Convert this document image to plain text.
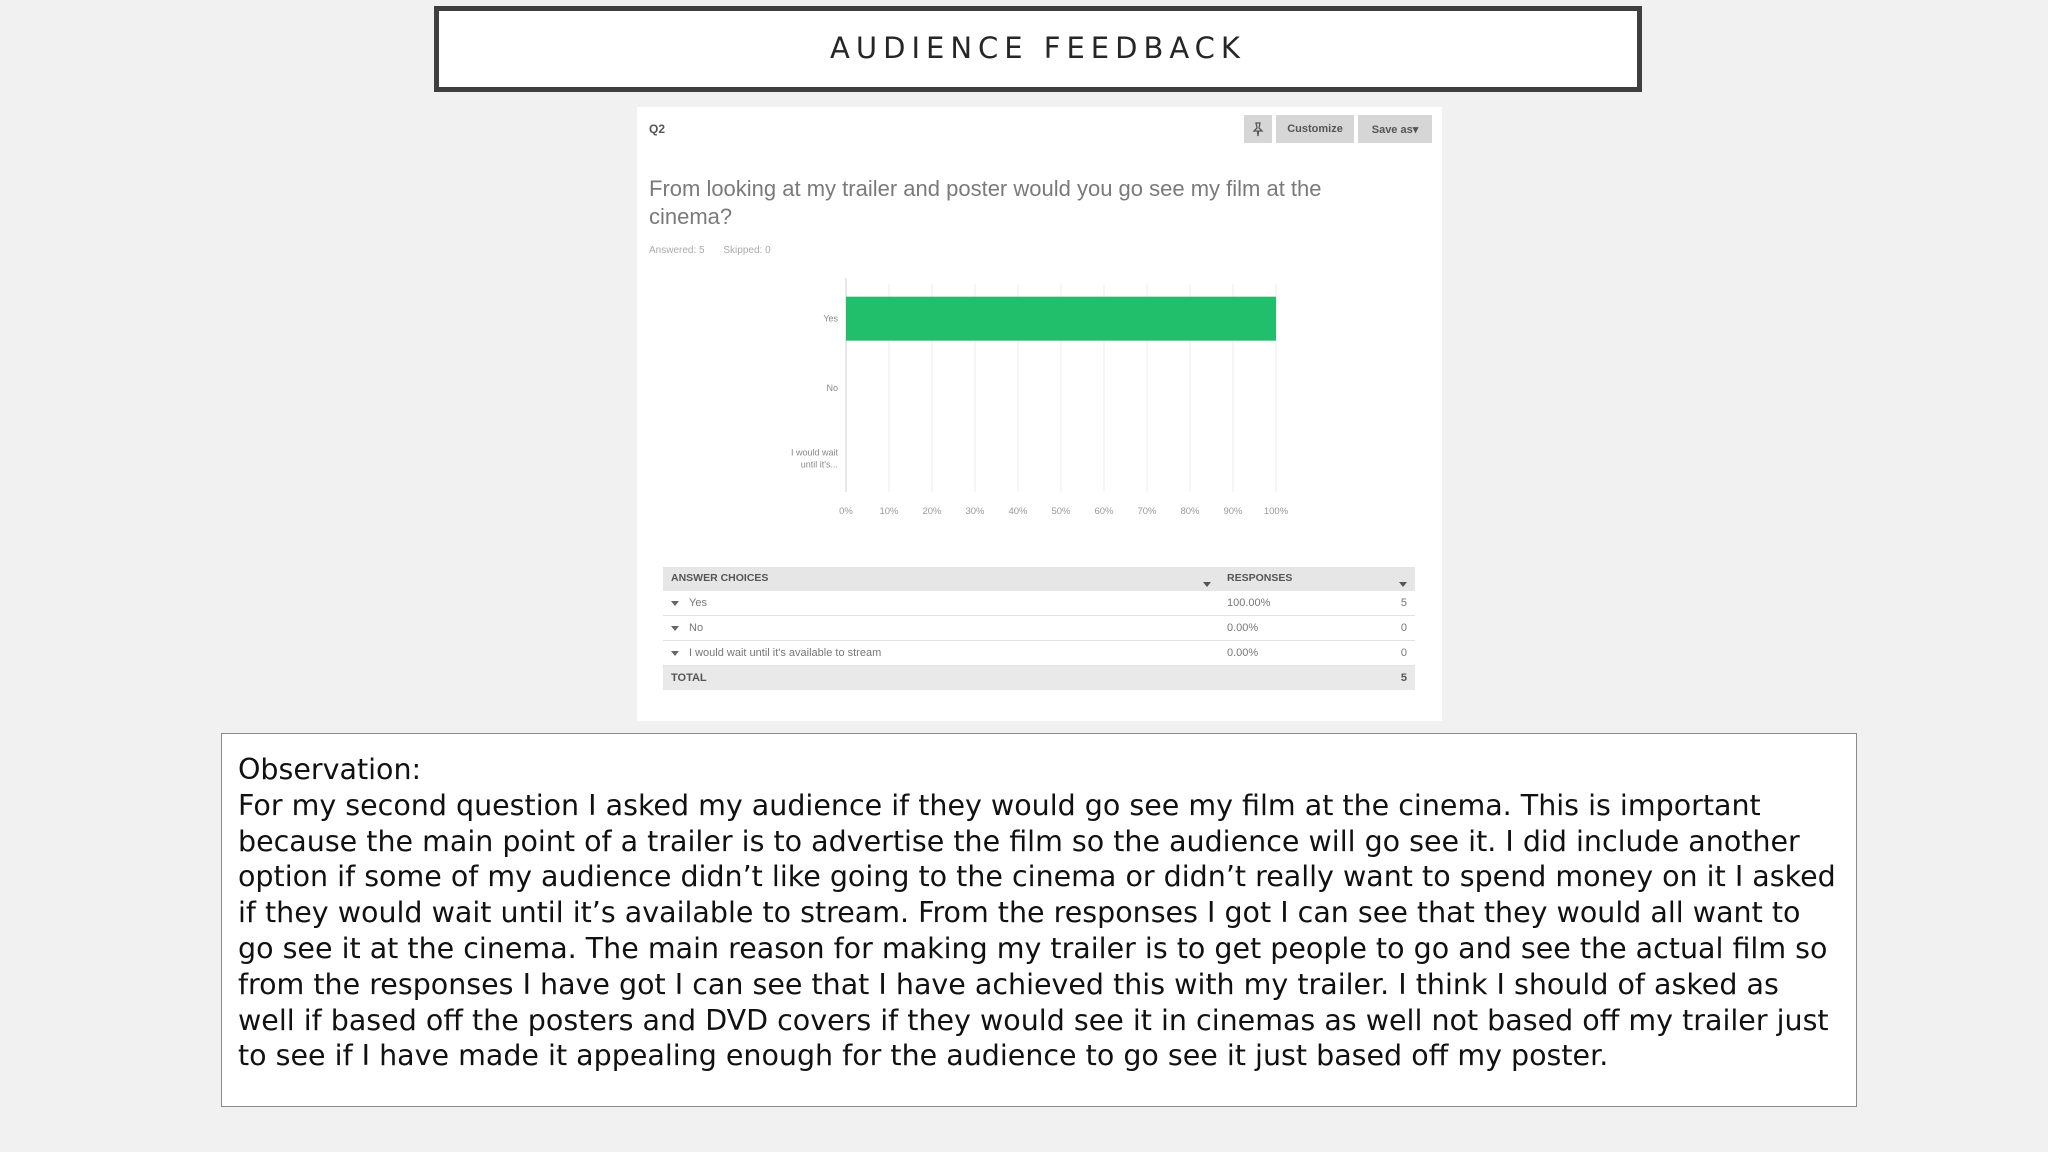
AUDIENCE FEEDBACK
Q2	Customize	Save as▾
From looking at my trailer and poster would you go see my film at the cinema?
Answered: 5 Skipped: 0
0%	10%	20%	30%	40%	50%	60%	70%	80%	90% 100%
Yes
No
I would wait until it's...
ANSWER CHOICES	RESPONSES	

Yes	100.00%	5
No	0.00%	0
I would wait until it's available to stream	0.00%	0
TOTAL		5

Observation:

For my second question I asked my audience if they would go see my film at the cinema. This is important because the main point of a trailer is to advertise the film so the audience will go see it. I did include another option if some of my audience didn’t like going to the cinema or didn’t really want to spend money on it I asked if they would wait until it’s available to stream. From the responses I got I can see that they would all want to go see it at the cinema. The main reason for making my trailer is to get people to go and see the actual film so from the responses I have got I can see that I have achieved this with my trailer. I think I should of asked as well if based off the posters and DVD covers if they would see it in cinemas as well not based off my trailer just to see if I have made it appealing enough for the audience to go see it just based off my poster.
